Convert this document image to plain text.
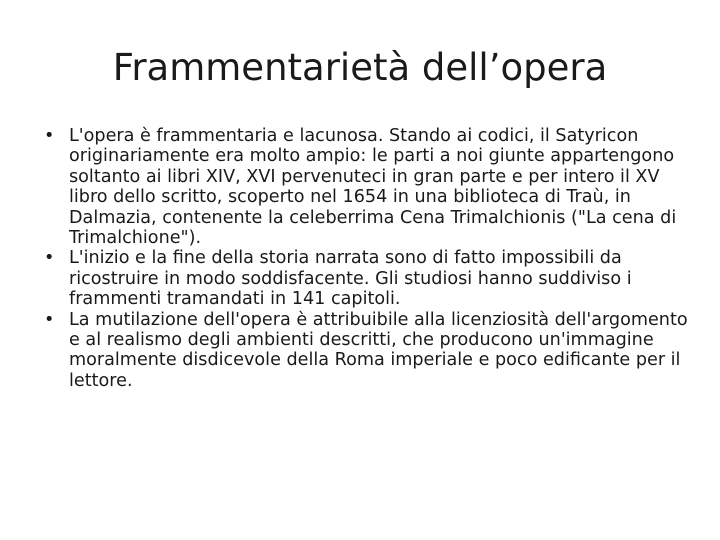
Frammentarietà dell’opera
• L'opera è frammentaria e lacunosa. Stando ai codici, il Satyricon originariamente era molto ampio: le parti a noi giunte appartengono soltanto ai libri XIV, XVI pervenuteci in gran parte e per intero il XV libro dello scritto, scoperto nel 1654 in una biblioteca di Traù, in Dalmazia, contenente la celeberrima Cena Trimalchionis ("La cena di Trimalchione").
• L'inizio e la fine della storia narrata sono di fatto impossibili da ricostruire in modo soddisfacente. Gli studiosi hanno suddiviso i frammenti tramandati in 141 capitoli.
• La mutilazione dell'opera è attribuibile alla licenziosità dell'argomento e al realismo degli ambienti descritti, che producono un'immagine moralmente disdicevole della Roma imperiale e poco edificante per il lettore.
